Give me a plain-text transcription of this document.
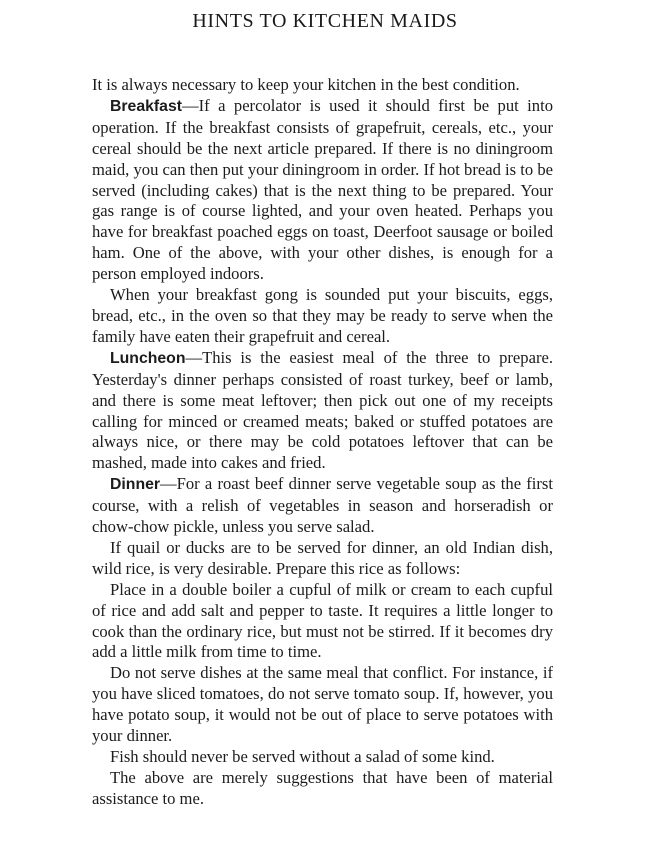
HINTS TO KITCHEN MAIDS

It is always necessary to keep your kitchen in the best condition.

Breakfast—If a percolator is used it should first be put into operation. If the breakfast consists of grapefruit, cereals, etc., your cereal should be the next article prepared. If there is no diningroom maid, you can then put your diningroom in order. If hot bread is to be served (including cakes) that is the next thing to be prepared. Your gas range is of course lighted, and your oven heated. Perhaps you have for breakfast poached eggs on toast, Deerfoot sausage or boiled ham. One of the above, with your other dishes, is enough for a person employed indoors.

When your breakfast gong is sounded put your biscuits, eggs, bread, etc., in the oven so that they may be ready to serve when the family have eaten their grapefruit and cereal.

Luncheon—This is the easiest meal of the three to prepare. Yesterday's dinner perhaps consisted of roast turkey, beef or lamb, and there is some meat leftover; then pick out one of my receipts calling for minced or creamed meats; baked or stuffed potatoes are always nice, or there may be cold potatoes leftover that can be mashed, made into cakes and fried.

Dinner—For a roast beef dinner serve vegetable soup as the first course, with a relish of vegetables in season and horseradish or chow-chow pickle, unless you serve salad.

If quail or ducks are to be served for dinner, an old Indian dish, wild rice, is very desirable. Prepare this rice as follows:

Place in a double boiler a cupful of milk or cream to each cupful of rice and add salt and pepper to taste. It requires a little longer to cook than the ordinary rice, but must not be stirred. If it becomes dry add a little milk from time to time.

Do not serve dishes at the same meal that conflict. For instance, if you have sliced tomatoes, do not serve tomato soup. If, however, you have potato soup, it would not be out of place to serve potatoes with your dinner.

Fish should never be served without a salad of some kind.

The above are merely suggestions that have been of material assistance to me.
